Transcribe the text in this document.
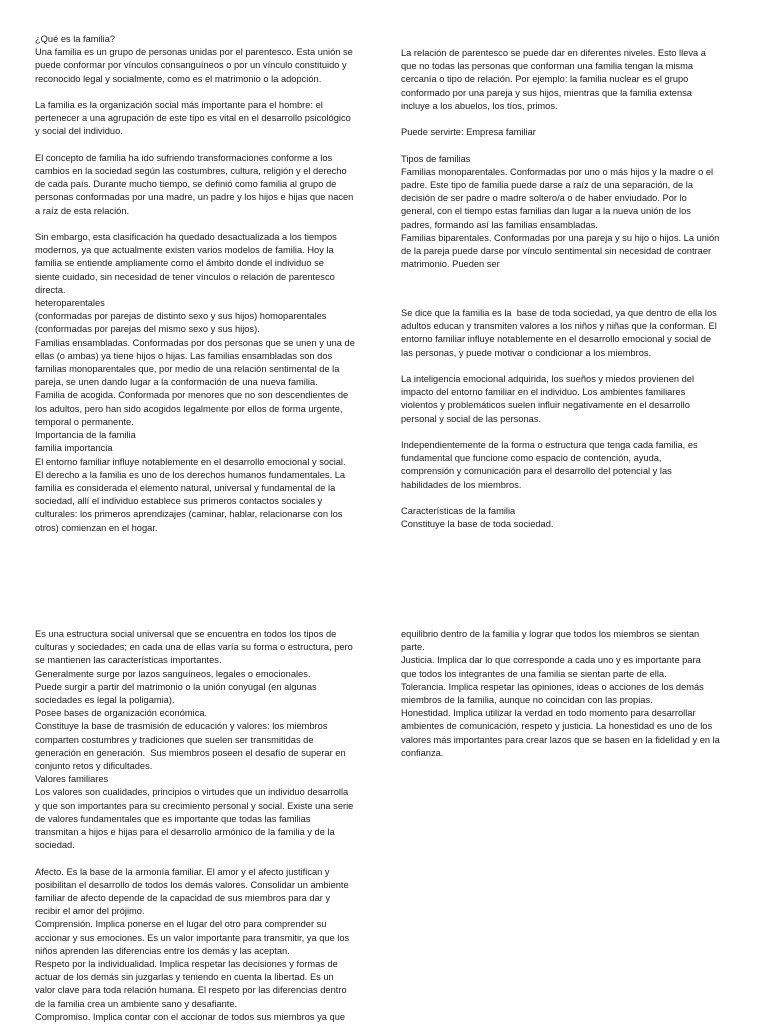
¿Qué es la familia?
Una familia es un grupo de personas unidas por el parentesco. Esta unión se
puede conformar por vínculos consanguíneos o por un vínculo constituido y
reconocido legal y socialmente, como es el matrimonio o la adopción.

La familia es la organización social más importante para el hombre: el
pertenecer a una agrupación de este tipo es vital en el desarrollo psicológico
y social del individuo.

El concepto de familia ha ido sufriendo transformaciones conforme a los
cambios en la sociedad según las costumbres, cultura, religión y el derecho
de cada país. Durante mucho tiempo, se definió como familia al grupo de
personas conformadas por una madre, un padre y los hijos e hijas que nacen
a raíz de esta relación.

Sin embargo, esta clasificación ha quedado desactualizada a los tiempos
modernos, ya que actualmente existen varios modelos de familia. Hoy la
familia se entiende ampliamente como el ámbito donde el individuo se
siente cuidado, sin necesidad de tener vínculos o relación de parentesco
directa.
heteroparentales
(conformadas por parejas de distinto sexo y sus hijos) homoparentales
(conformadas por parejas del mismo sexo y sus hijos).
Familias ensambladas. Conformadas por dos personas que se unen y una de
ellas (o ambas) ya tiene hijos o hijas. Las familias ensambladas son dos
familias monoparentales que, por medio de una relación sentimental de la
pareja, se unen dando lugar a la conformación de una nueva familia.
Familia de acogida. Conformada por menores que no son descendientes de
los adultos, pero han sido acogidos legalmente por ellos de forma urgente,
temporal o permanente.
Importancia de la familia
familia importancia
El entorno familiar influye notablemente en el desarrollo emocional y social.
El derecho a la familia es uno de los derechos humanos fundamentales. La
familia es considerada el elemento natural, universal y fundamental de la
sociedad, allí el individuo establece sus primeros contactos sociales y
culturales: los primeros aprendizajes (caminar, hablar, relacionarse con los
otros) comienzan en el hogar.
La relación de parentesco se puede dar en diferentes niveles. Esto lleva a
que no todas las personas que conforman una familia tengan la misma
cercanía o tipo de relación. Por ejemplo: la familia nuclear es el grupo
conformado por una pareja y sus hijos, mientras que la familia extensa
incluye a los abuelos, los tíos, primos.

Puede servirte: Empresa familiar

Tipos de familias
Familias monoparentales. Conformadas por uno o más hijos y la madre o el
padre. Este tipo de familia puede darse a raíz de una separación, de la
decisión de ser padre o madre soltero/a o de haber enviudado. Por lo
general, con el tiempo estas familias dan lugar a la nueva unión de los
padres, formando así las familias ensambladas.
Familias biparentales. Conformadas por una pareja y su hijo o hijos. La unión
de la pareja puede darse por vínculo sentimental sin necesidad de contraer
matrimonio. Pueden ser
Se dice que la familia es la  base de toda sociedad, ya que dentro de ella los
adultos educan y transmiten valores a los niños y niñas que la conforman. El
entorno familiar influye notablemente en el desarrollo emocional y social de
las personas, y puede motivar o condicionar a los miembros.

La inteligencia emocional adquirida, los sueños y miedos provienen del
impacto del entorno familiar en el individuo. Los ambientes familiares
violentos y problemáticos suelen influir negativamente en el desarrollo
personal y social de las personas.

Independientemente de la forma o estructura que tenga cada familia, es
fundamental que funcione como espacio de contención, ayuda,
comprensión y comunicación para el desarrollo del potencial y las
habilidades de los miembros.

Características de la familia
Constituye la base de toda sociedad.
Es una estructura social universal que se encuentra en todos los tipos de
culturas y sociedades; en cada una de ellas varía su forma o estructura, pero
se mantienen las características importantes.
Generalmente surge por lazos sanguíneos, legales o emocionales.
Puede surgir a partir del matrimonio o la unión conyugal (en algunas
sociedades es legal la poligamia).
Posee bases de organización económica.
Constituye la base de trasmisión de educación y valores: los miembros
comparten costumbres y tradiciones que suelen ser transmitidas de
generación en generación.  Sus miembros poseen el desafío de superar en
conjunto retos y dificultades.
Valores familiares
Los valores son cualidades, principios o virtudes que un individuo desarrolla
y que son importantes para su crecimiento personal y social. Existe una serie
de valores fundamentales que es importante que todas las familias
transmitan a hijos e hijas para el desarrollo armónico de la familia y de la
sociedad.

Afecto. Es la base de la armonía familiar. El amor y el afecto justifican y
posibilitan el desarrollo de todos los demás valores. Consolidar un ambiente
familiar de afecto depende de la capacidad de sus miembros para dar y
recibir el amor del prójimo.
Comprensión. Implica ponerse en el lugar del otro para comprender su
accionar y sus emociones. Es un valor importante para transmitir, ya que los
niños aprenden las diferencias entre los demás y las aceptan.
Respeto por la individualidad. Implica respetar las decisiones y formas de
actuar de los demás sin juzgarlas y teniendo en cuenta la libertad. Es un
valor clave para toda relación humana. El respeto por las diferencias dentro
de la familia crea un ambiente sano y desafiante.
Compromiso. Implica contar con el accionar de todos sus miembros ya que
equilibrio dentro de la familia y lograr que todos los miembros se sientan
parte.
Justicia. Implica dar lo que corresponde a cada uno y es importante para
que todos los integrantes de una familia se sientan parte de ella.
Tolerancia. Implica respetar las opiniones, ideas o acciones de los demás
miembros de la familia, aunque no coincidan con las propias.
Honestidad. Implica utilizar la verdad en todo momento para desarrollar
ambientes de comunicación, respeto y justicia. La honestidad es uno de los
valores más importantes para crear lazos que se basen en la fidelidad y en la
confianza.
